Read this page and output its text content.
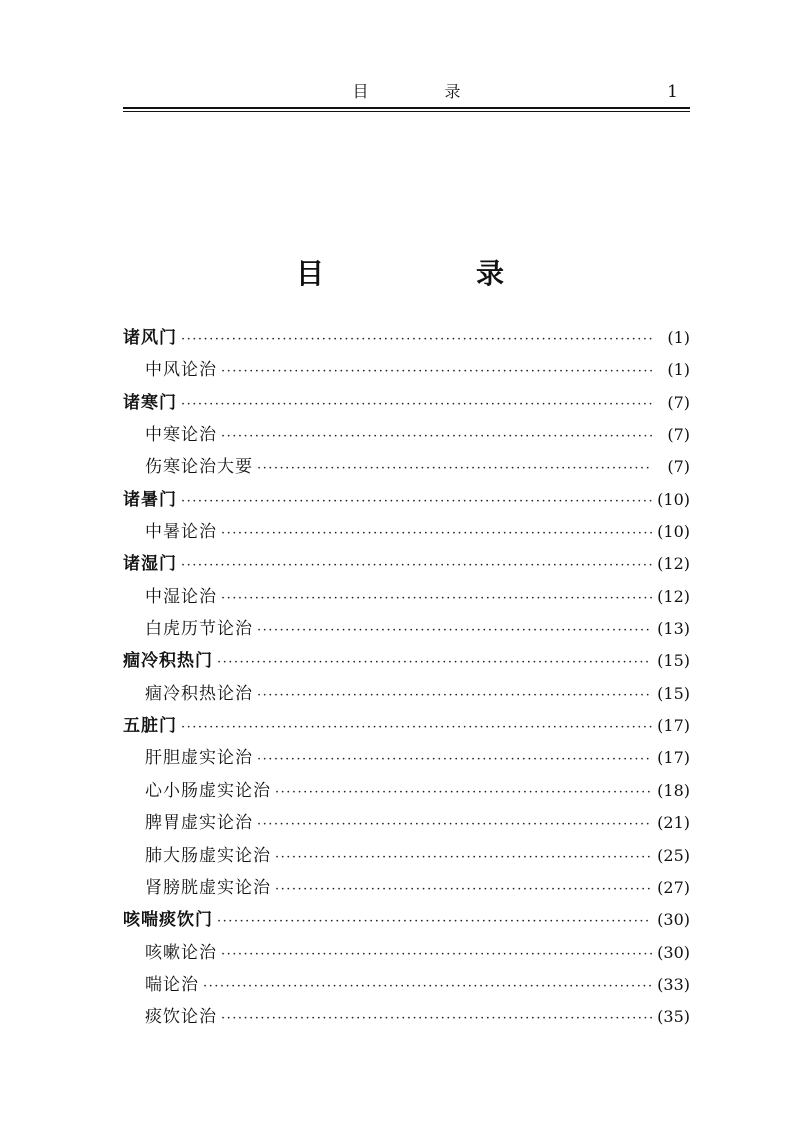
目　录	1
目　录
诸风门 ·····	(1)
中风论治 ·····	(1)
诸寒门 ·····	(7)
中寒论治 ·····	(7)
伤寒论治大要 ·····	(7)
诸暑门 ·····	(10)
中暑论治 ·····	(10)
诸湿门 ·····	(12)
中湿论治 ·····	(12)
白虎历节论治 ·····	(13)
痼冷积热门 ·····	(15)
痼冷积热论治 ·····	(15)
五脏门 ·····	(17)
肝胆虚实论治 ·····	(17)
心小肠虚实论治 ·····	(18)
脾胃虚实论治 ·····	(21)
肺大肠虚实论治 ·····	(25)
肾膀胱虚实论治 ·····	(27)
咳喘痰饮门 ·····	(30)
咳嗽论治 ·····	(30)
喘论治 ·····	(33)
痰饮论治 ·····	(35)
